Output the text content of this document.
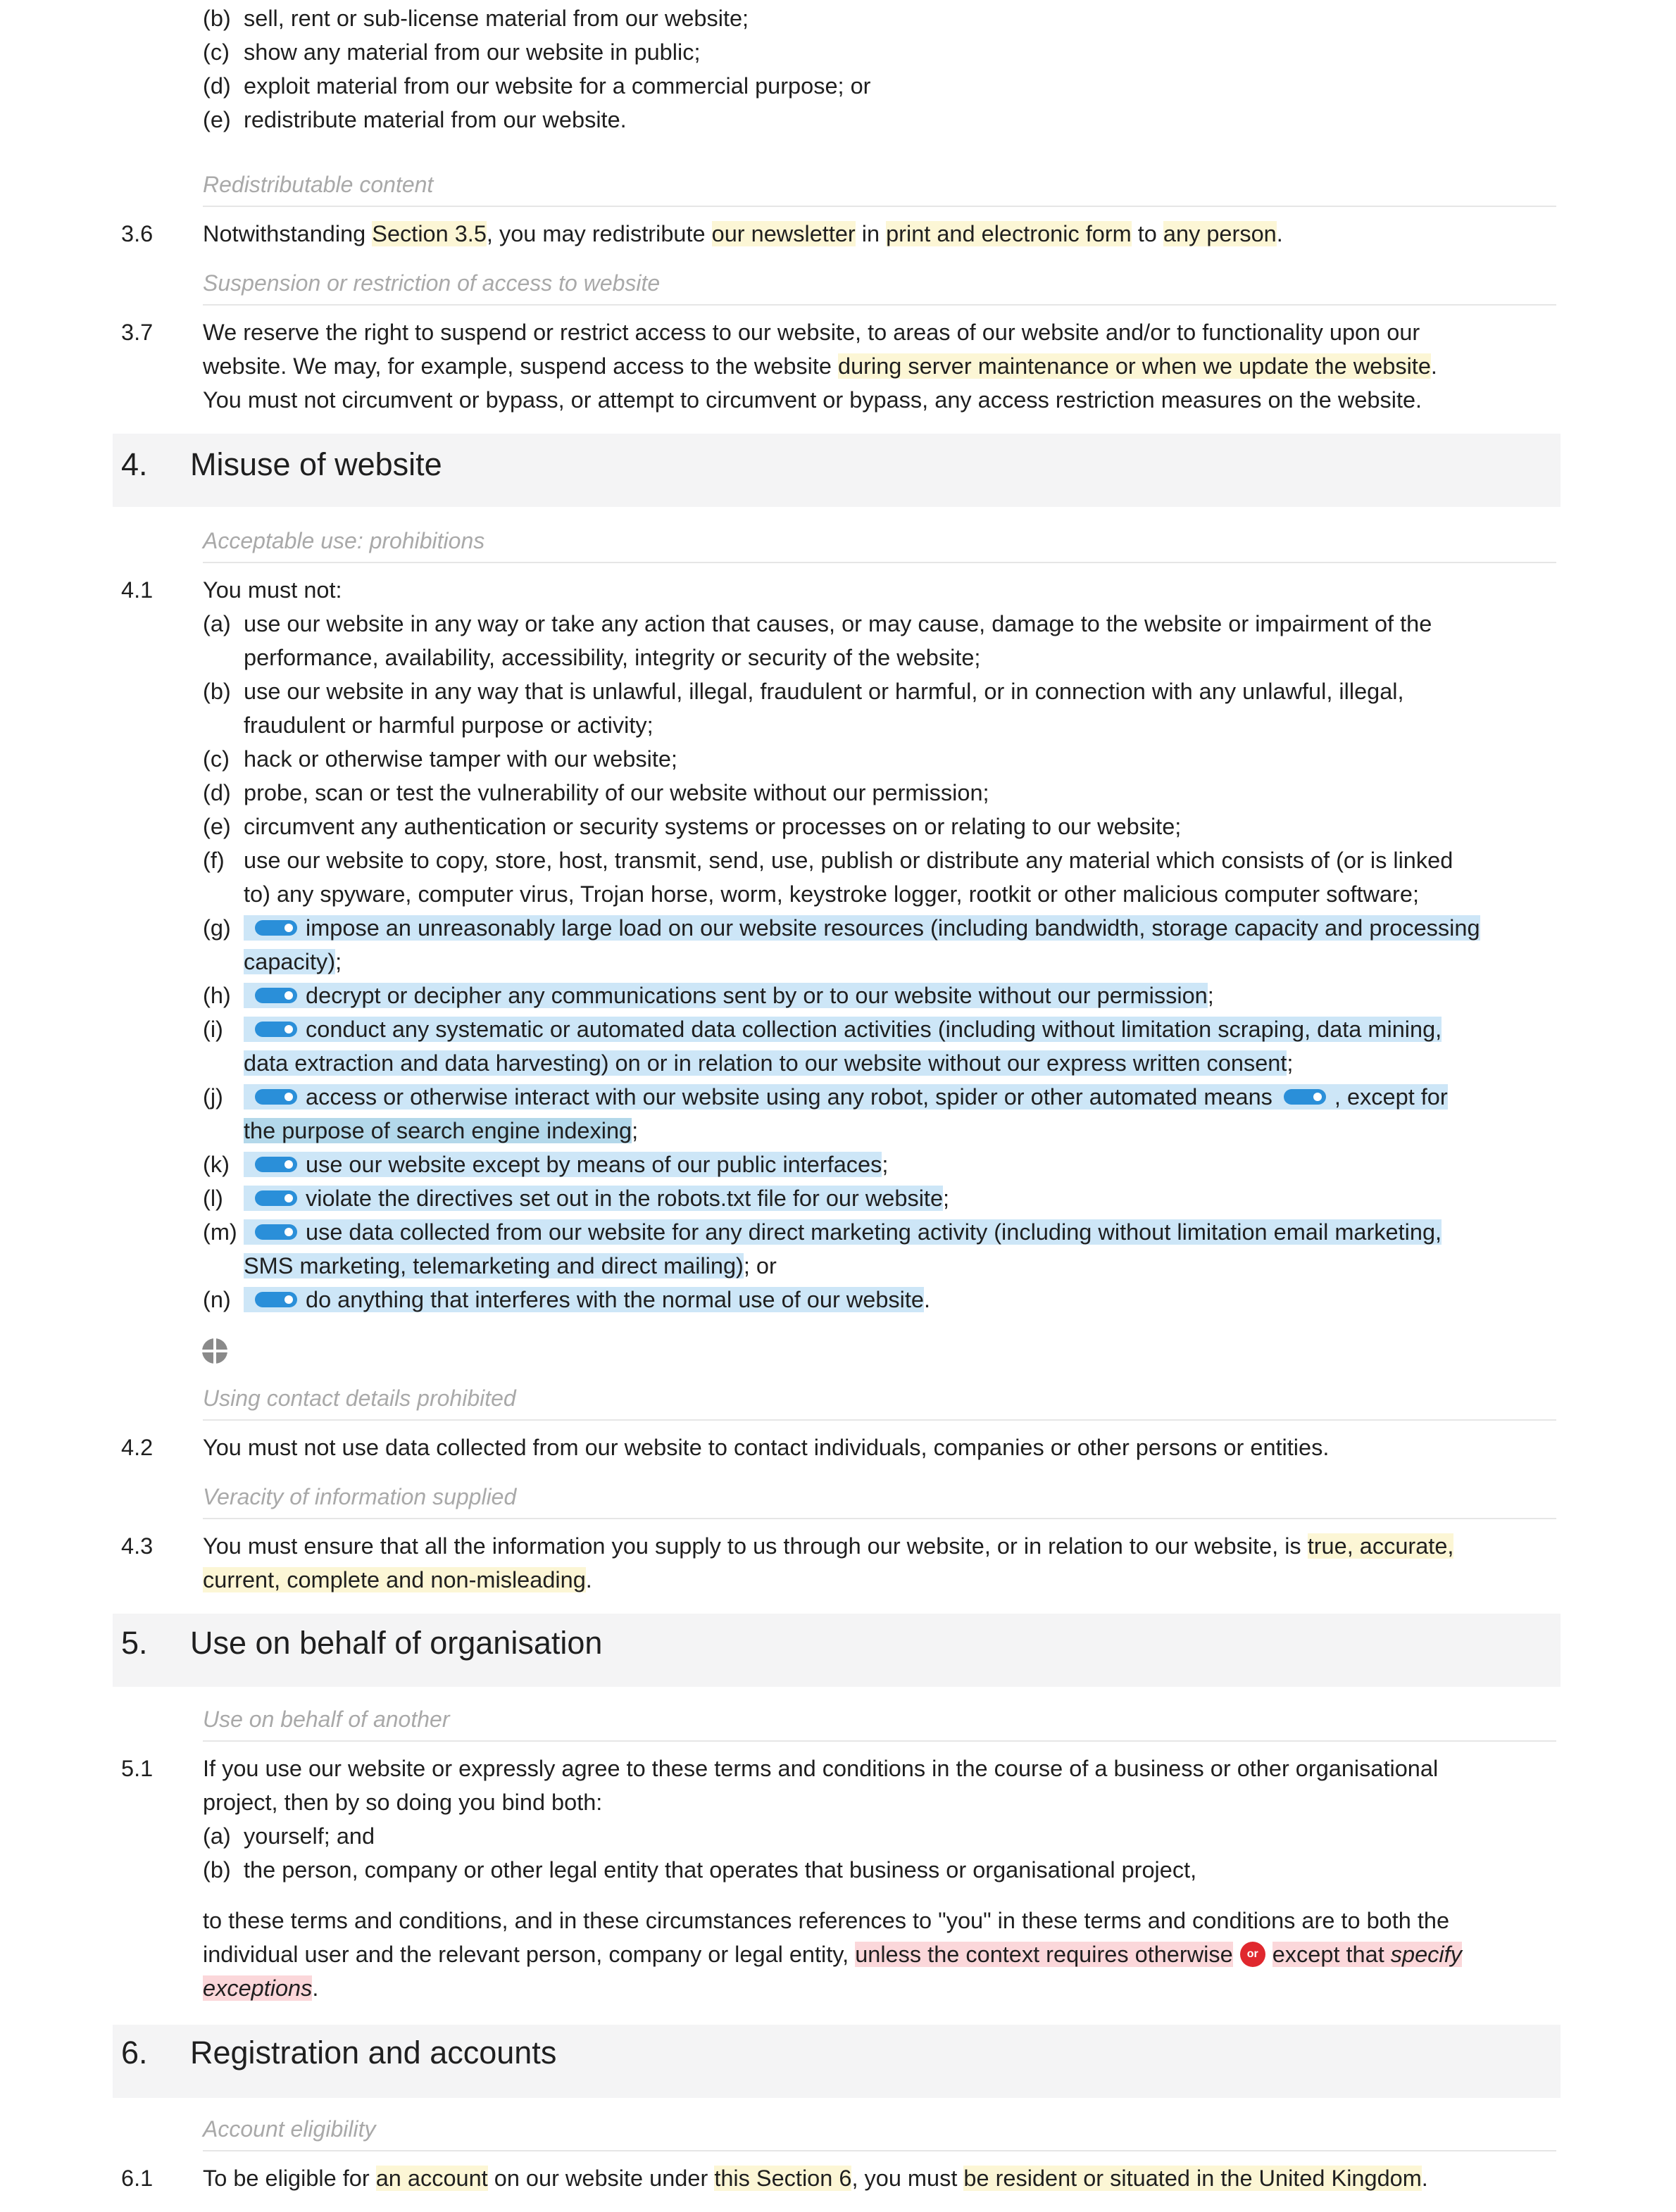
(b) sell, rent or sub-license material from our website;
(c) show any material from our website in public;
(d) exploit material from our website for a commercial purpose; or
(e) redistribute material from our website.
Redistributable content
3.6 Notwithstanding Section 3.5, you may redistribute our newsletter in print and electronic form to any person.
Suspension or restriction of access to website
3.7 We reserve the right to suspend or restrict access to our website, to areas of our website and/or to functionality upon our
website. We may, for example, suspend access to the website during server maintenance or when we update the website.
You must not circumvent or bypass, or attempt to circumvent or bypass, any access restriction measures on the website.
4. Misuse of website
Acceptable use: prohibitions
4.1 You must not:
(a) use our website in any way or take any action that causes, or may cause, damage to the website or impairment of the
performance, availability, accessibility, integrity or security of the website;
(b) use our website in any way that is unlawful, illegal, fraudulent or harmful, or in connection with any unlawful, illegal,
fraudulent or harmful purpose or activity;
(c) hack or otherwise tamper with our website;
(d) probe, scan or test the vulnerability of our website without our permission;
(e) circumvent any authentication or security systems or processes on or relating to our website;
(f) use our website to copy, store, host, transmit, send, use, publish or distribute any material which consists of (or is linked
to) any spyware, computer virus, Trojan horse, worm, keystroke logger, rootkit or other malicious computer software;
(g)	impose an unreasonably large load on our website resources (including bandwidth, storage capacity and processing
capacity);
(h)	decrypt or decipher any communications sent by or to our website without our permission;
(i)	conduct any systematic or automated data collection activities (including without limitation scraping, data mining,
data extraction and data harvesting) on or in relation to our website without our express written consent;
(j)	access or otherwise interact with our website using any robot, spider or other automated means	, except for
the purpose of search engine indexing;
(k)	use our website except by means of our public interfaces;
(l)	violate the directives set out in the robots.txt file for our website;
(m)	use data collected from our website for any direct marketing activity (including without limitation email marketing,
SMS marketing, telemarketing and direct mailing); or
(n)	do anything that interferes with the normal use of our website.
Using contact details prohibited
4.2 You must not use data collected from our website to contact individuals, companies or other persons or entities.
Veracity of information supplied
4.3 You must ensure that all the information you supply to us through our website, or in relation to our website, is true, accurate,
current, complete and non-misleading.
5. Use on behalf of organisation
Use on behalf of another
5.1 If you use our website or expressly agree to these terms and conditions in the course of a business or other organisational
project, then by so doing you bind both:
(a) yourself; and
(b) the person, company or other legal entity that operates that business or organisational project,
to these terms and conditions, and in these circumstances references to "you" in these terms and conditions are to both the
individual user and the relevant person, company or legal entity, unless the context requires otherwise or except that specify
exceptions.
6. Registration and accounts
Account eligibility
6.1 To be eligible for an account on our website under this Section 6, you must be resident or situated in the United Kingdom.
